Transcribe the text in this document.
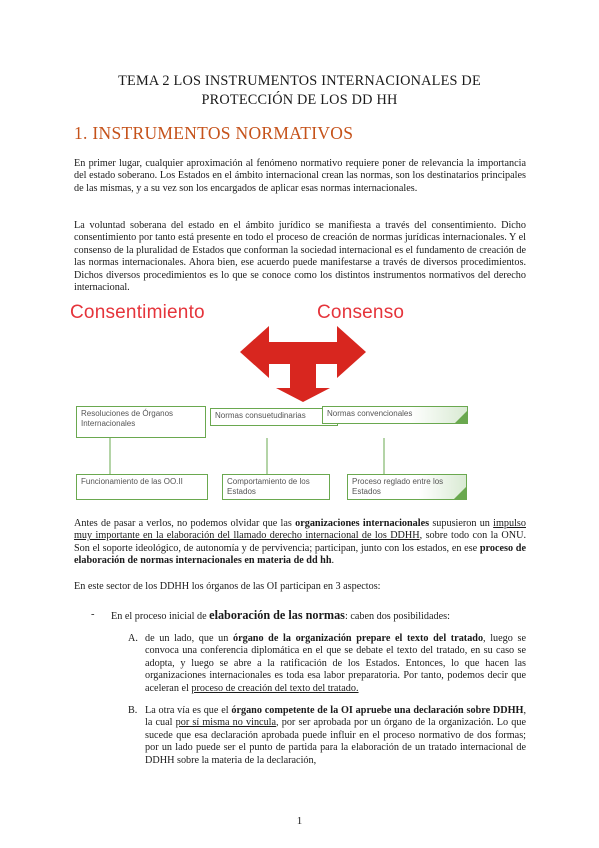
TEMA 2 LOS INSTRUMENTOS INTERNACIONALES DE
PROTECCIÓN DE LOS DD HH
1. INSTRUMENTOS NORMATIVOS

En primer lugar, cualquier aproximación al fenómeno normativo requiere poner de relevancia la importancia del estado soberano. Los Estados en el ámbito internacional crean las normas, son los destinatarios principales de las mismas, y a su vez son los encargados de aplicar esas normas internacionales.

La voluntad soberana del estado en el ámbito jurídico se manifiesta a través del consentimiento. Dicho consentimiento por tanto está presente en todo el proceso de creación de normas jurídicas internacionales. Y el consenso de la pluralidad de Estados que conforman la sociedad internacional es el fundamento de creación de las normas internacionales. Ahora bien, ese acuerdo puede manifestarse a través de diversos procedimientos. Dichos diversos procedimientos es lo que se conoce como los distintos instrumentos normativos del derecho internacional.

Consentimiento	Consenso
Resoluciones de Órganos Internacionales
Normas consuetudinarias	Normas convencionales
Funcionamiento de las OO.II	Comportamiento de los Estados
Proceso reglado entre los Estados

Antes de pasar a verlos, no podemos olvidar que las organizaciones internacionales supusieron un impulso muy importante en la elaboración del llamado derecho internacional de los DDHH, sobre todo con la ONU. Son el soporte ideológico, de autonomía y de pervivencia; participan, junto con los estados, en ese proceso de elaboración de normas internacionales en materia de dd hh.

En este sector de los DDHH los órganos de las OI participan en 3 aspectos:

- En el proceso inicial de elaboración de las normas: caben dos posibilidades:
A. de un lado, que un órgano de la organización prepare el texto del tratado, luego se convoca una conferencia diplomática en el que se debate el texto del tratado, en su caso se adopta, y luego se abre a la ratificación de los Estados. Entonces, lo que hacen las organizaciones internacionales es toda esa labor preparatoria. Por tanto, podemos decir que aceleran el proceso de creación del texto del tratado.

B. La otra vía es que el órgano competente de la OI apruebe una declaración sobre DDHH, la cual por sí misma no vincula, por ser aprobada por un órgano de la organización. Lo que sucede que esa declaración aprobada puede influir en el proceso normativo de dos formas; por un lado puede ser el punto de partida para la elaboración de un tratado internacional de DDHH sobre la materia de la declaración,

1
